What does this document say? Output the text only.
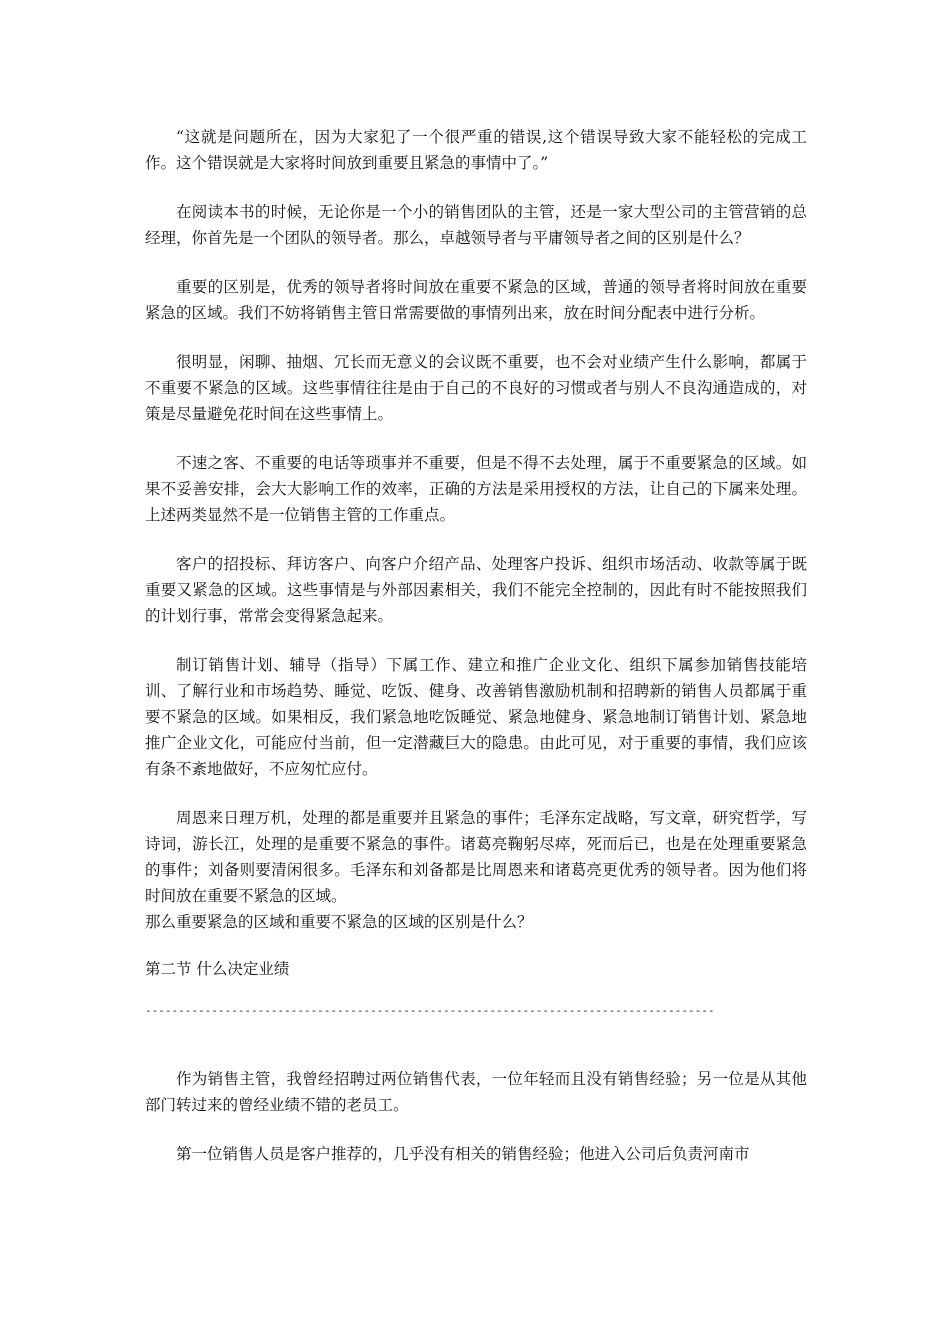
“这就是问题所在，因为大家犯了一个很严重的错误,这个错误导致大家不能轻松的完成工作。这个错误就是大家将时间放到重要且紧急的事情中了。”

在阅读本书的时候，无论你是一个小的销售团队的主管，还是一家大型公司的主管营销的总经理，你首先是一个团队的领导者。那么，卓越领导者与平庸领导者之间的区别是什么？

重要的区别是，优秀的领导者将时间放在重要不紧急的区域，普通的领导者将时间放在重要紧急的区域。我们不妨将销售主管日常需要做的事情列出来，放在时间分配表中进行分析。

很明显，闲聊、抽烟、冗长而无意义的会议既不重要，也不会对业绩产生什么影响，都属于不重要不紧急的区域。这些事情往往是由于自己的不良好的习惯或者与别人不良沟通造成的，对策是尽量避免花时间在这些事情上。

不速之客、不重要的电话等琐事并不重要，但是不得不去处理，属于不重要紧急的区域。如果不妥善安排，会大大影响工作的效率，正确的方法是采用授权的方法，让自己的下属来处理。上述两类显然不是一位销售主管的工作重点。

客户的招投标、拜访客户、向客户介绍产品、处理客户投诉、组织市场活动、收款等属于既重要又紧急的区域。这些事情是与外部因素相关，我们不能完全控制的，因此有时不能按照我们的计划行事，常常会变得紧急起来。

制订销售计划、辅导（指导）下属工作、建立和推广企业文化、组织下属参加销售技能培训、了解行业和市场趋势、睡觉、吃饭、健身、改善销售激励机制和招聘新的销售人员都属于重要不紧急的区域。如果相反，我们紧急地吃饭睡觉、紧急地健身、紧急地制订销售计划、紧急地推广企业文化，可能应付当前，但一定潜藏巨大的隐患。由此可见，对于重要的事情，我们应该有条不紊地做好，不应匆忙应付。

周恩来日理万机，处理的都是重要并且紧急的事件；毛泽东定战略，写文章，研究哲学，写诗词，游长江，处理的是重要不紧急的事件。诸葛亮鞠躬尽瘁，死而后已，也是在处理重要紧急的事件；刘备则要清闲很多。毛泽东和刘备都是比周恩来和诸葛亮更优秀的领导者。因为他们将时间放在重要不紧急的区域。

那么重要紧急的区域和重要不紧急的区域的区别是什么？

第二节 什么决定业绩
--------------------------------------------------------------------------------------

作为销售主管，我曾经招聘过两位销售代表，一位年轻而且没有销售经验；另一位是从其他部门转过来的曾经业绩不错的老员工。

第一位销售人员是客户推荐的，几乎没有相关的销售经验；他进入公司后负责河南市
